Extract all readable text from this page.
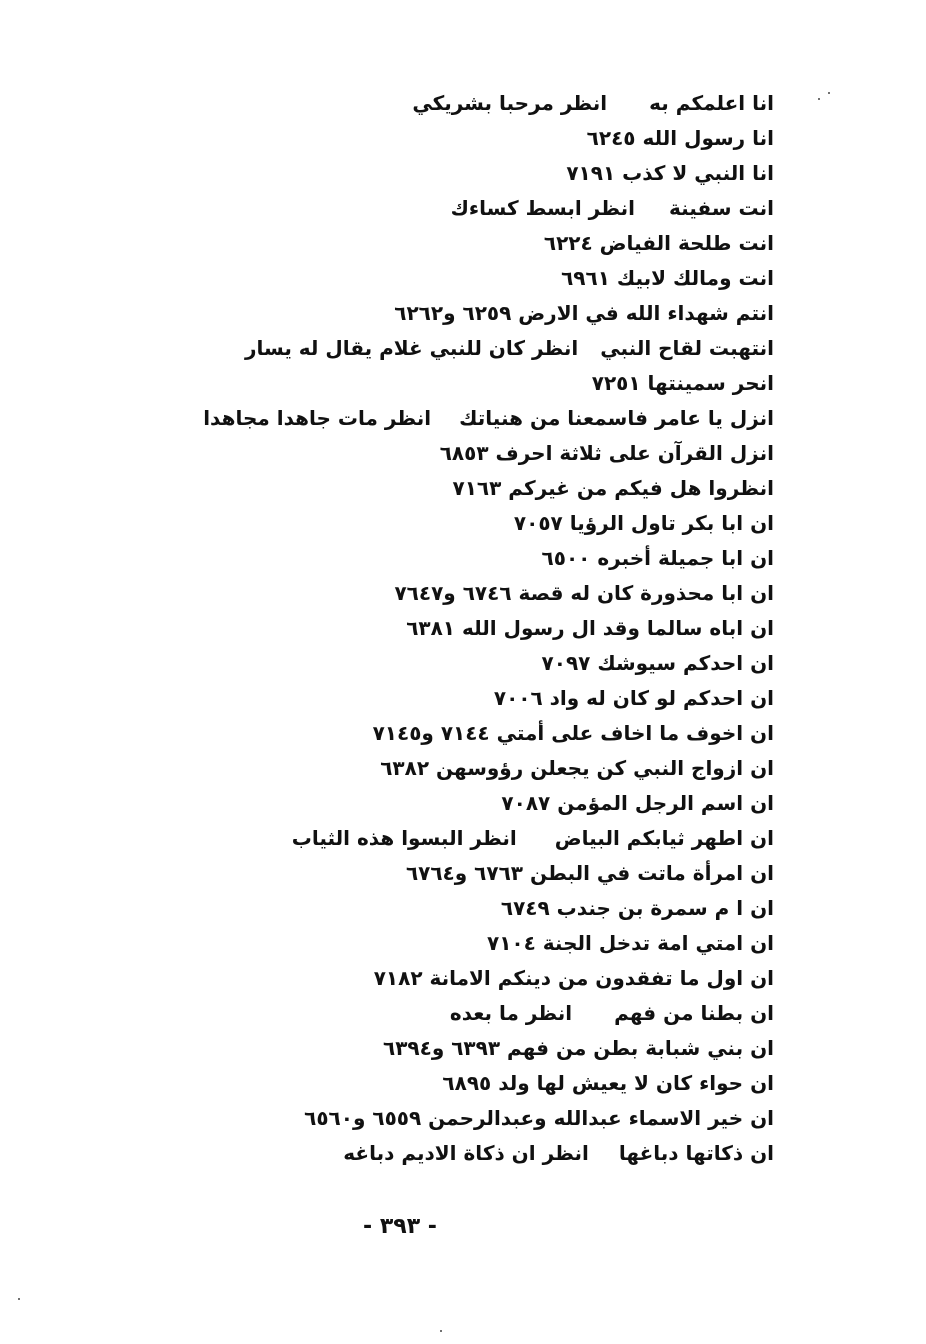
انا اعلمكم بهانظر مرحبا بشريكي
انا رسول الله ٦٢٤٥
انا النبي لا كذب ٧١٩١
انت سفينةانظر ابسط كساءك
انت طلحة الفياض ٦٢٢٤
انت ومالك لابيك ٦٩٦١
انتم شهداء الله في الارض ٦٢٥٩ و٦٢٦٢
انتهبت لقاح النبيانظر كان للنبي غلام يقال له يسار
انحر سمينتها ٧٢٥١
انزل يا عامر فاسمعنا من هنياتكانظر مات جاهدا مجاهدا
انزل القرآن على ثلاثة احرف ٦٨٥٣
انظروا هل فيكم من غيركم ٧١٦٣
ان ابا بكر تاول الرؤيا ٧٠٥٧
ان ابا جميلة أخبره ٦٥٠٠
ان ابا محذورة كان له قصة ٦٧٤٦ و٧٦٤٧
ان اباه سالما وقد ال رسول الله ٦٣٨١
ان احدكم سيوشك ٧٠٩٧
ان احدكم لو كان له واد ٧٠٠٦
ان اخوف ما اخاف على أمتي ٧١٤٤ و٧١٤٥
ان ازواج النبي كن يجعلن رؤوسهن ٦٣٨٢
ان اسم الرجل المؤمن ٧٠٨٧
ان اطهر ثيابكم البياضانظر البسوا هذه الثياب
ان امرأة ماتت في البطن ٦٧٦٣ و٦٧٦٤
ان ا م سمرة بن جندب ٦٧٤٩
ان امتي امة تدخل الجنة ٧١٠٤
ان اول ما تفقدون من دينكم الامانة ٧١٨٢
ان بطنا من فهمانظر ما بعده
ان بني شبابة بطن من فهم ٦٣٩٣ و٦٣٩٤
ان حواء كان لا يعيش لها ولد ٦٨٩٥
ان خير الاسماء عبدالله وعبدالرحمن ٦٥٥٩ و٦٥٦٠
ان ذكاتها دباغهاانظر ان ذكاة الاديم دباغه
- ٣٩٣ -
